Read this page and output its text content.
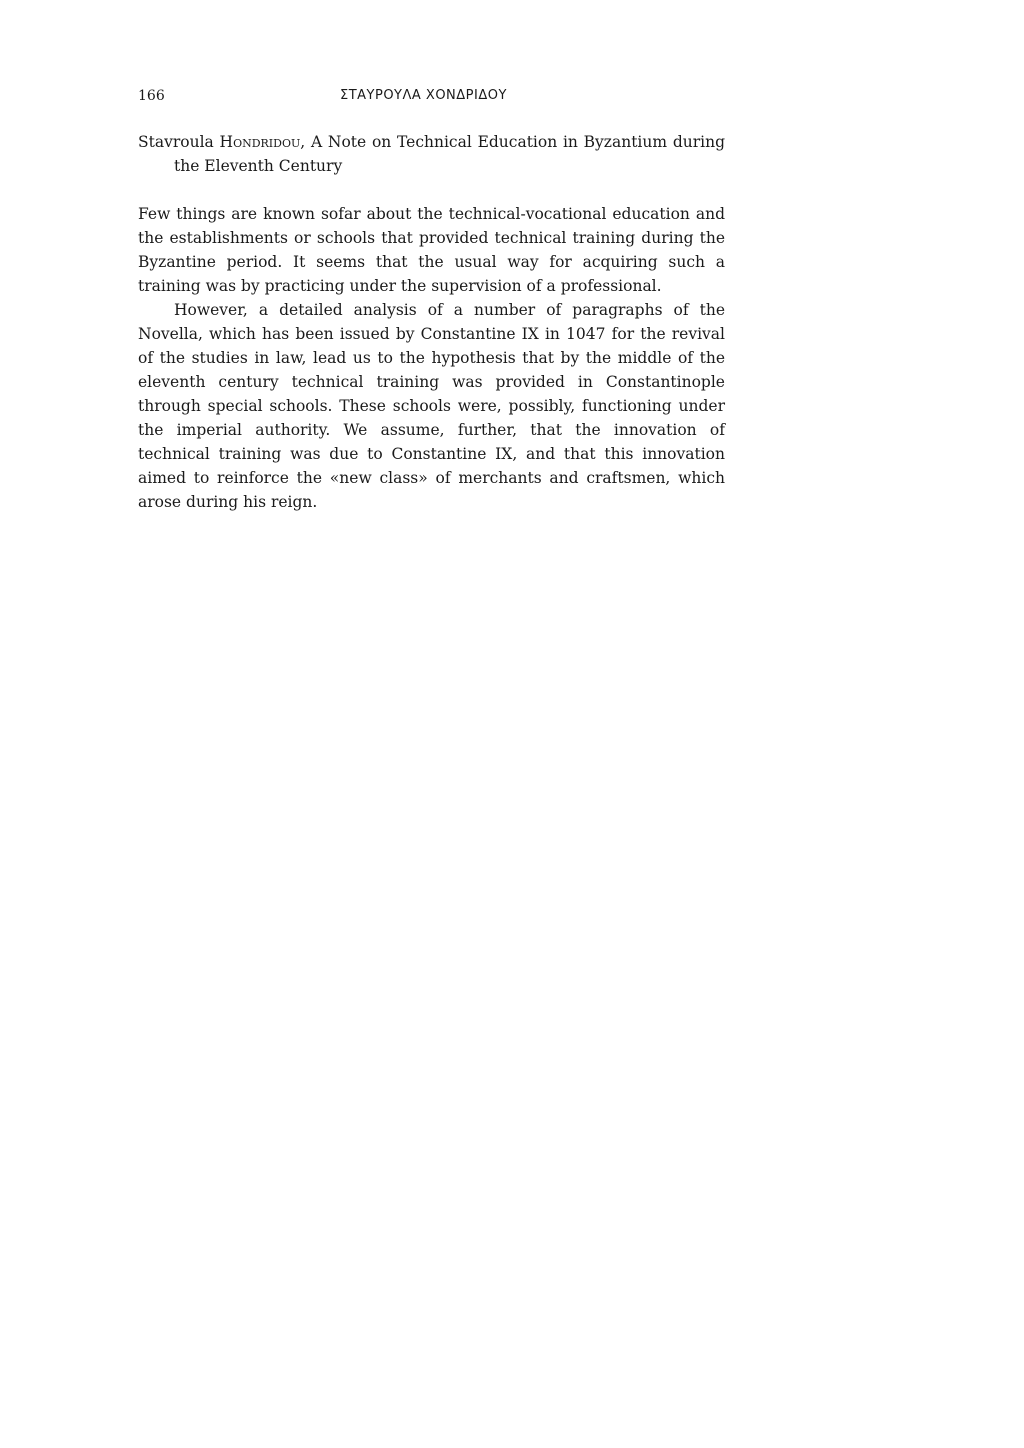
166	ΣΤΑΥΡΟΥΛΑ ΧΟΝΔΡΙΔΟΥ
Stavroula Hondridou, A Note on Technical Education in Byzantium during the Eleventh Century

Few things are known sofar about the technical-vocational education and the establishments or schools that provided technical training during the Byzantine period. It seems that the usual way for acquiring such a training was by practicing under the supervision of a professional.

However, a detailed analysis of a number of paragraphs of the Novella, which has been issued by Constantine IX in 1047 for the revival of the studies in law, lead us to the hypothesis that by the middle of the eleventh century technical training was provided in Constantinople through special schools. These schools were, possibly, functioning under the imperial authority. We assume, further, that the innovation of technical training was due to Constantine IX, and that this innovation aimed to reinforce the «new class» of merchants and craftsmen, which arose during his reign.
